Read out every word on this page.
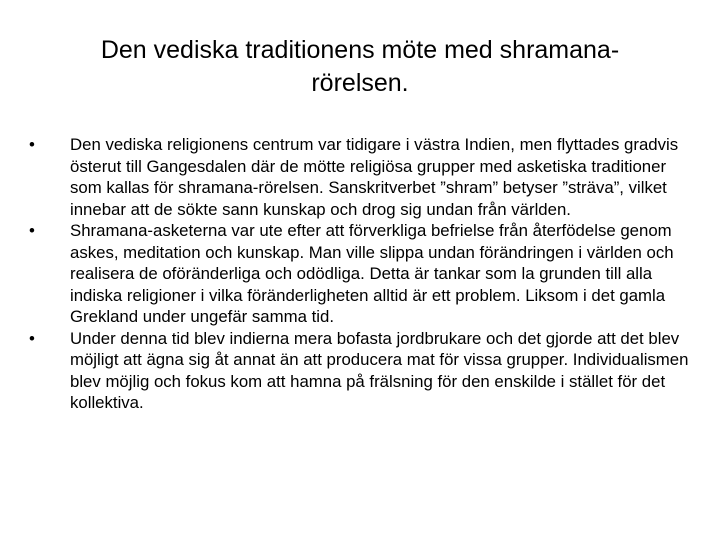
Den vediska traditionens möte med shramana-
rörelsen.
•	Den vediska religionens centrum var tidigare i västra Indien, men flyttades gradvis österut till Gangesdalen där de mötte religiösa grupper med asketiska traditioner som kallas för shramana-rörelsen. Sanskritverbet ”shram” betyser ”sträva”, vilket innebar att de sökte sann kunskap och drog sig undan från världen.
•	Shramana-asketerna var ute efter att förverkliga befrielse från återfödelse genom askes, meditation och kunskap. Man ville slippa undan förändringen i världen och realisera de oföränderliga och odödliga. Detta är tankar som la grunden till alla indiska religioner i vilka föränderligheten alltid är ett problem. Liksom i det gamla Grekland under ungefär samma tid.
•	Under denna tid blev indierna mera bofasta jordbrukare och det gjorde att det blev möjligt att ägna sig åt annat än att producera mat för vissa grupper. Individualismen blev möjlig och fokus kom att hamna på frälsning för den enskilde i stället för det kollektiva.
